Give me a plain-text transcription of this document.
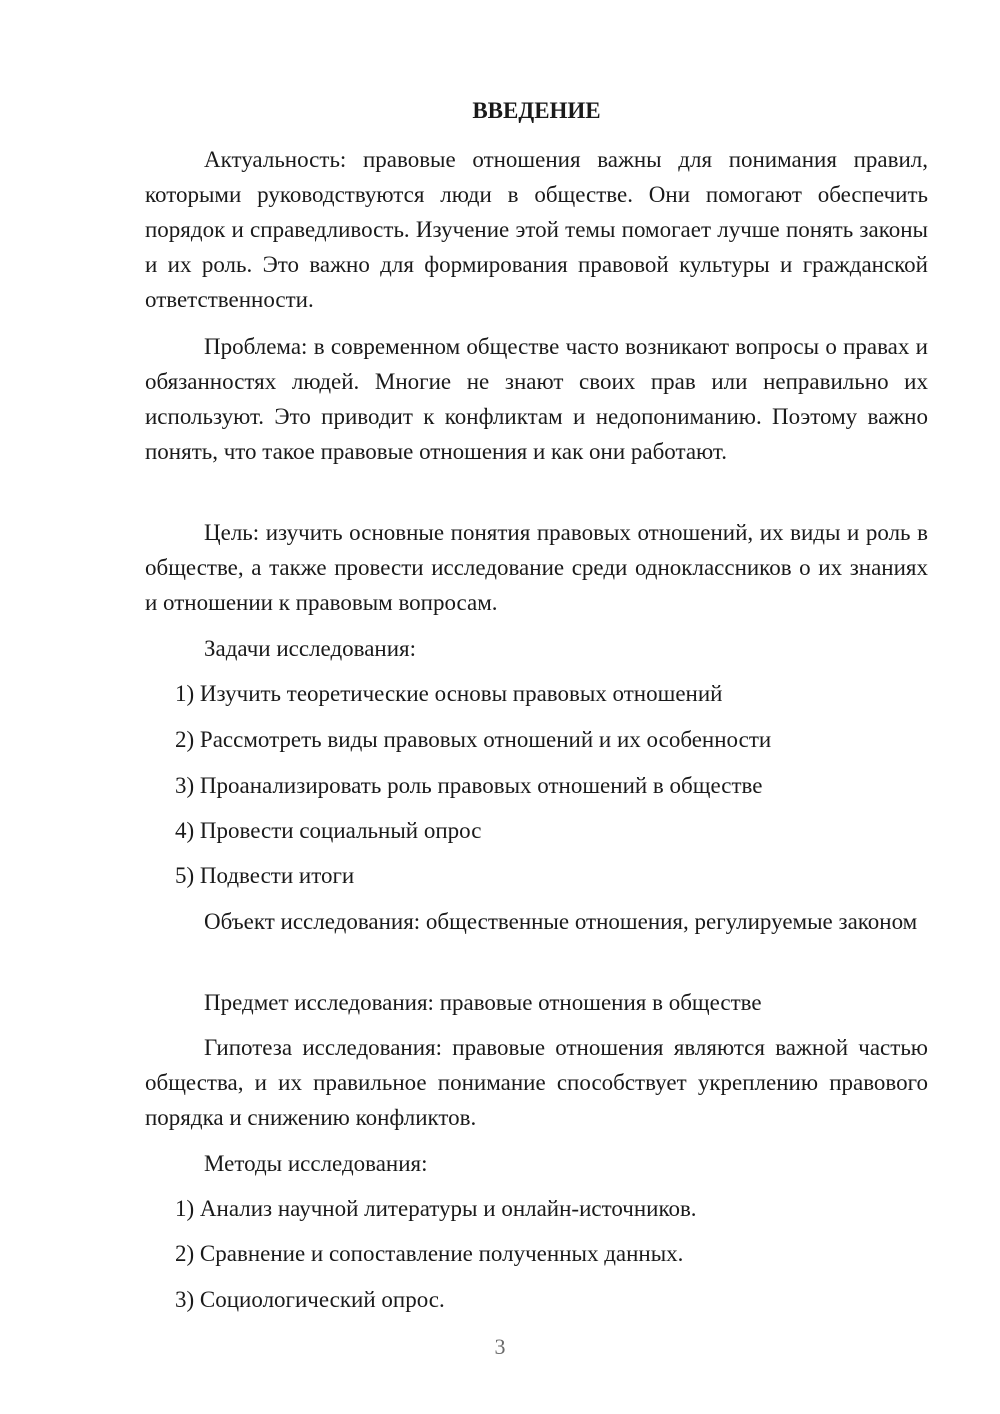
ВВЕДЕНИЕ

Актуальность: правовые отношения важны для понимания правил, которыми руководствуются люди в обществе. Они помогают обеспечить порядок и справедливость. Изучение этой темы помогает лучше понять законы и их роль. Это важно для формирования правовой культуры и гражданской ответственности.

Проблема: в современном обществе часто возникают вопросы о правах и обязанностях людей. Многие не знают своих прав или неправильно их используют. Это приводит к конфликтам и недопониманию. Поэтому важно понять, что такое правовые отношения и как они работают.

Цель: изучить основные понятия правовых отношений, их виды и роль в обществе, а также провести исследование среди одноклассников о их знаниях и отношении к правовым вопросам.

Задачи исследования:

1) Изучить теоретические основы правовых отношений

2) Рассмотреть виды правовых отношений и их особенности

3) Проанализировать роль правовых отношений в обществе

4) Провести социальный опрос

5) Подвести итоги

Объект исследования: общественные отношения, регулируемые законом

Предмет исследования: правовые отношения в обществе

Гипотеза исследования: правовые отношения являются важной частью общества, и их правильное понимание способствует укреплению правового порядка и снижению конфликтов.

Методы исследования:

1) Анализ научной литературы и онлайн-источников.

2) Сравнение и сопоставление полученных данных.

3) Социологический опрос.

3
